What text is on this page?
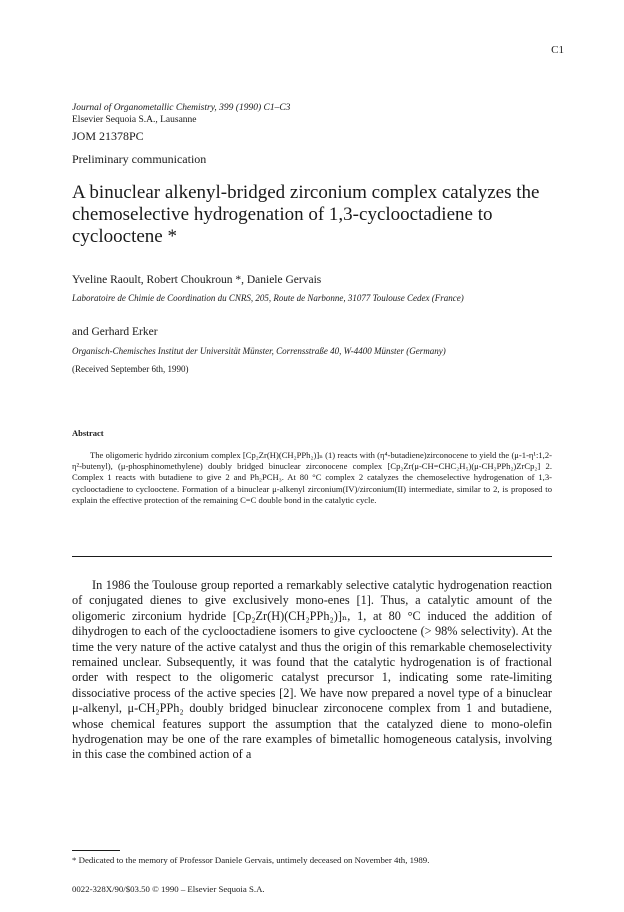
C1
Journal of Organometallic Chemistry, 399 (1990) C1–C3
Elsevier Sequoia S.A., Lausanne
JOM 21378PC
Preliminary communication
A binuclear alkenyl-bridged zirconium complex catalyzes the chemoselective hydrogenation of 1,3-cyclooctadiene to cyclooctene *
Yveline Raoult, Robert Choukroun *, Daniele Gervais
Laboratoire de Chimie de Coordination du CNRS, 205, Route de Narbonne, 31077 Toulouse Cedex (France)
and Gerhard Erker
Organisch-Chemisches Institut der Universität Münster, Corrensstraße 40, W-4400 Münster (Germany)
(Received September 6th, 1990)
Abstract

The oligomeric hydrido zirconium complex [Cp₂Zr(H)(CH₂PPh₂)]ₙ (1) reacts with (η⁴-butadiene)zirconocene to yield the (μ-1-η¹:1,2-η²-butenyl), (μ-phosphinomethylene) doubly bridged binuclear zirconocene complex [Cp₂Zr(μ-CH=CHC₂H₅)(μ-CH₂PPh₂)ZrCp₂] 2. Complex 1 reacts with butadiene to give 2 and Ph₂PCH₃. At 80 °C complex 2 catalyzes the chemoselective hydrogenation of 1,3-cyclooctadiene to cyclooctene. Formation of a binuclear μ-alkenyl zirconium(IV)/zirconium(II) intermediate, similar to 2, is proposed to explain the effective protection of the remaining C=C double bond in the catalytic cycle.

In 1986 the Toulouse group reported a remarkably selective catalytic hydrogenation reaction of conjugated dienes to give exclusively mono-enes [1]. Thus, a catalytic amount of the oligomeric zirconium hydride [Cp₂Zr(H)(CH₂PPh₂)]ₙ, 1, at 80 °C induced the addition of dihydrogen to each of the cyclooctadiene isomers to give cyclooctene (> 98% selectivity). At the time the very nature of the active catalyst and thus the origin of this remarkable chemoselectivity remained unclear. Subsequently, it was found that the catalytic hydrogenation is of fractional order with respect to the oligomeric catalyst precursor 1, indicating some rate-limiting dissociative process of the active species [2]. We have now prepared a novel type of a binuclear μ-alkenyl, μ-CH₂PPh₂ doubly bridged binuclear zirconocene complex from 1 and butadiene, whose chemical features support the assumption that the catalyzed diene to mono-olefin hydrogenation may be one of the rare examples of bimetallic homogeneous catalysis, involving in this case the combined action of a

* Dedicated to the memory of Professor Daniele Gervais, untimely deceased on November 4th, 1989.
0022-328X/90/$03.50 © 1990 – Elsevier Sequoia S.A.
